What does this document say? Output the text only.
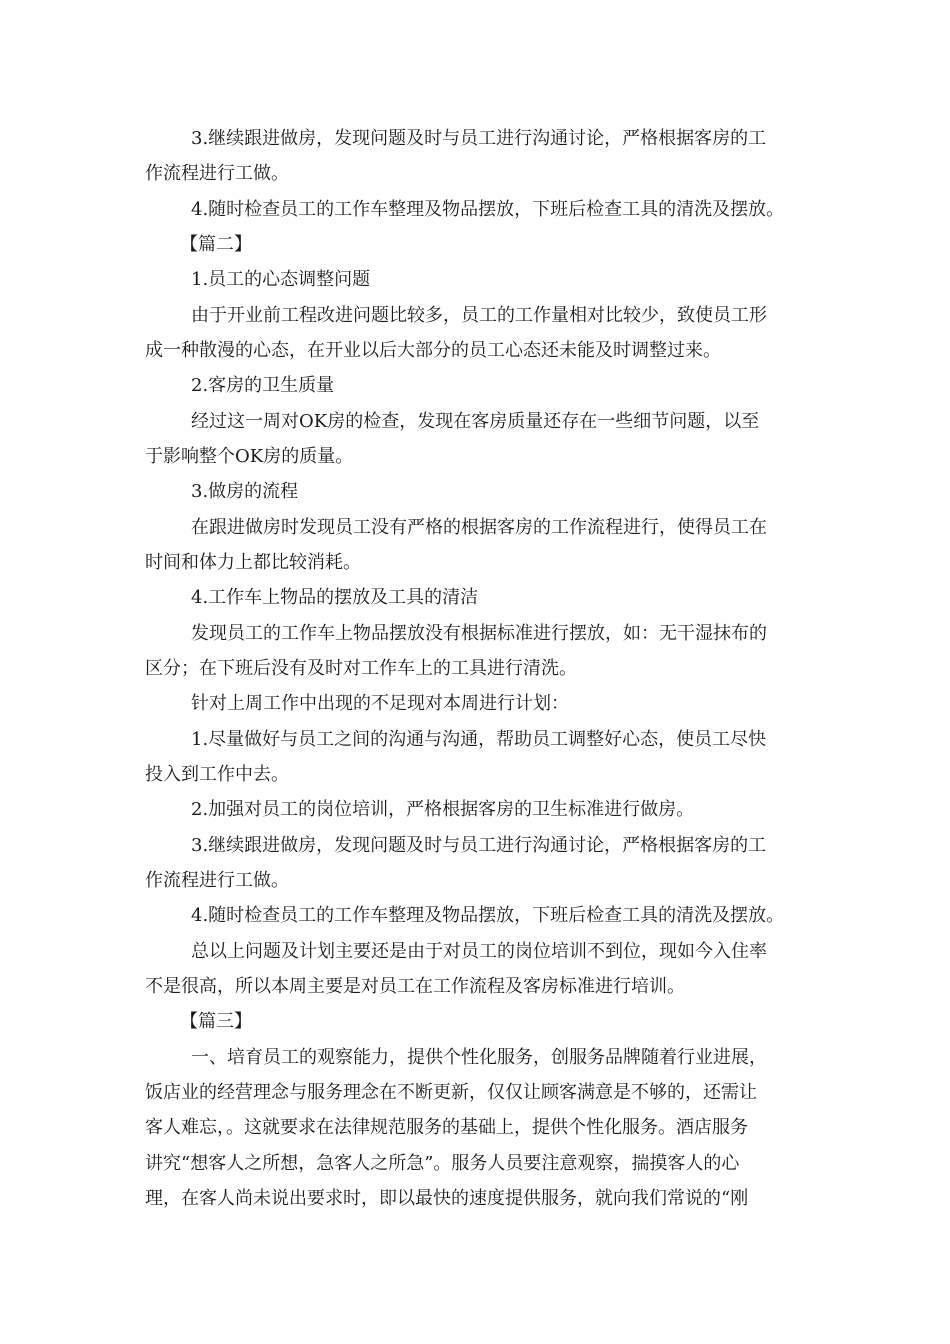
3.继续跟进做房，发现问题及时与员工进行沟通讨论，严格根据客房的工
作流程进行工做。
4.随时检查员工的工作车整理及物品摆放，下班后检查工具的清洗及摆放。
【篇二】
1.员工的心态调整问题
由于开业前工程改进问题比较多，员工的工作量相对比较少，致使员工形
成一种散漫的心态，在开业以后大部分的员工心态还未能及时调整过来。
2.客房的卫生质量
经过这一周对OK房的检查，发现在客房质量还存在一些细节问题，以至
于影响整个OK房的质量。
3.做房的流程
在跟进做房时发现员工没有严格的根据客房的工作流程进行，使得员工在
时间和体力上都比较消耗。
4.工作车上物品的摆放及工具的清洁
发现员工的工作车上物品摆放没有根据标准进行摆放，如：无干湿抹布的
区分；在下班后没有及时对工作车上的工具进行清洗。
针对上周工作中出现的不足现对本周进行计划：
1.尽量做好与员工之间的沟通与沟通，帮助员工调整好心态，使员工尽快
投入到工作中去。
2.加强对员工的岗位培训，严格根据客房的卫生标准进行做房。
3.继续跟进做房，发现问题及时与员工进行沟通讨论，严格根据客房的工
作流程进行工做。
4.随时检查员工的工作车整理及物品摆放，下班后检查工具的清洗及摆放。
总以上问题及计划主要还是由于对员工的岗位培训不到位，现如今入住率
不是很高，所以本周主要是对员工在工作流程及客房标准进行培训。
【篇三】
一、培育员工的观察能力，提供个性化服务，创服务品牌随着行业进展，
饭店业的经营理念与服务理念在不断更新，仅仅让顾客满意是不够的，还需让
客人难忘，。这就要求在法律规范服务的基础上，提供个性化服务。酒店服务
讲究“想客人之所想，急客人之所急”。服务人员要注意观察，揣摸客人的心
理，在客人尚未说出要求时，即以最快的速度提供服务，就向我们常说的“刚
